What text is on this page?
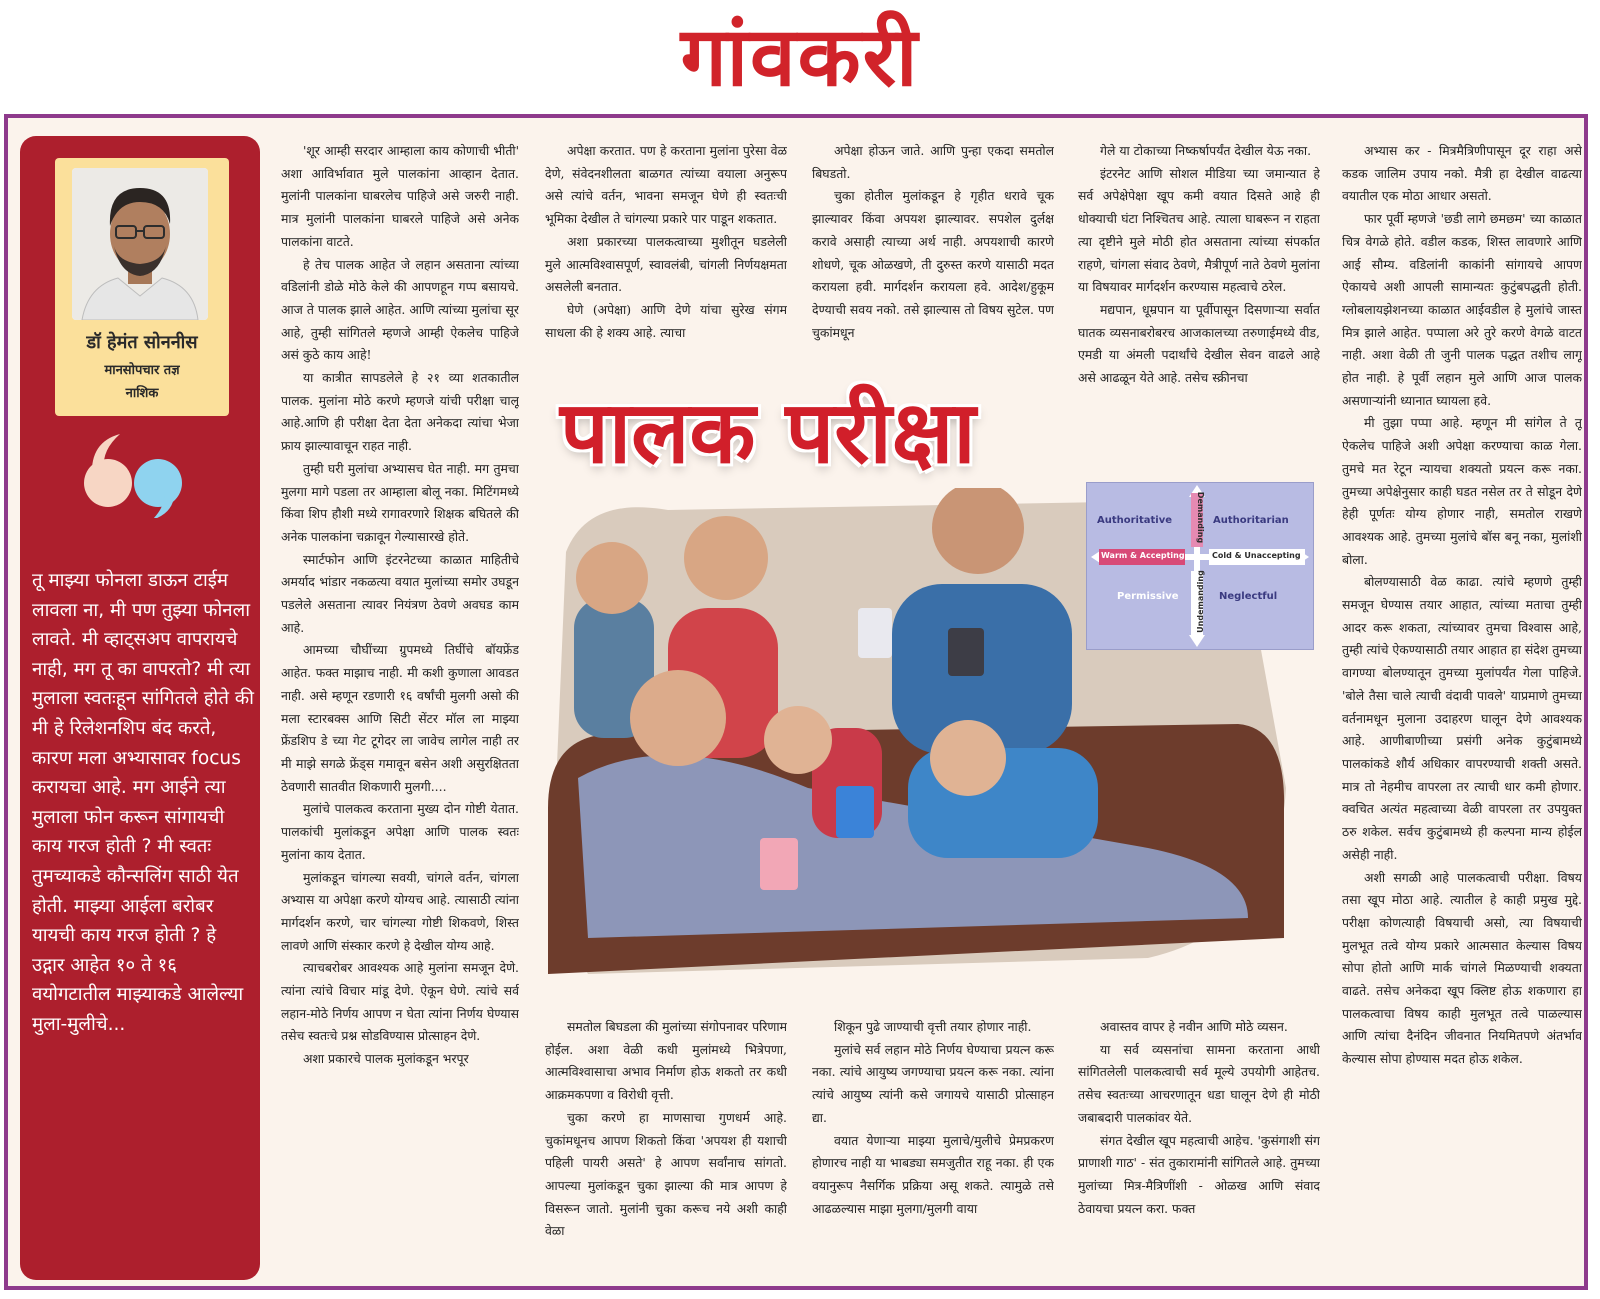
गांवकरी
डॉ हेमंत सोननीस
मानसोपचार तज्ञ
नाशिक
तू माझ्या फोनला डाऊन टाईम लावला ना, मी पण तुझ्या फोनला लावते. मी व्हाट्सअप वापरायचे नाही, मग तू का वापरतो? मी त्या मुलाला स्वतःहून सांगितले होते की मी हे रिलेशनशिप बंद करते, कारण मला अभ्यासावर focus करायचा आहे. मग आईने त्या मुलाला फोन करून सांगायची काय गरज होती ? मी स्वतः तुमच्याकडे कौन्सलिंग साठी येत होती. माझ्या आईला बरोबर यायची काय गरज होती ? हे उद्गार आहेत १० ते १६ वयोगटातील माझ्याकडे आलेल्या मुला-मुलीचे...

'शूर आम्ही सरदार आम्हाला काय कोणाची भीती' अशा आविर्भावात मुले पालकांना आव्हान देतात. मुलांनी पालकांना घाबरलेच पाहिजे असे जरुरी नाही. मात्र मुलांनी पालकांना घाबरले पाहिजे असे अनेक पालकांना वाटते.

हे तेच पालक आहेत जे लहान असताना त्यांच्या वडिलांनी डोळे मोठे केले की आपणहून गप्प बसायचे. आज ते पालक झाले आहेत. आणि त्यांच्या मुलांचा सूर आहे, तुम्ही सांगितले म्हणजे आम्ही ऐकलेच पाहिजे असं कुठे काय आहे!

या कात्रीत सापडलेले हे २१ व्या शतकातील पालक. मुलांना मोठे करणे म्हणजे यांची परीक्षा चालू आहे.आणि ही परीक्षा देता देता अनेकदा त्यांचा भेजा फ्राय झाल्यावाचून राहत नाही.

तुम्ही घरी मुलांचा अभ्यासच घेत नाही. मग तुमचा मुलगा मागे पडला तर आम्हाला बोलू नका. मिटिंगमध्ये किंवा शिप हौशी मध्ये रागावरणारे शिक्षक बघितले की अनेक पालकांना चक्रावून गेल्यासारखे होते.

स्मार्टफोन आणि इंटरनेटच्या काळात माहितीचे अमर्याद भांडार नकळत्या वयात मुलांच्या समोर उघडून पडलेले असताना त्यावर नियंत्रण ठेवणे अवघड काम आहे.

आमच्या चौघींच्या ग्रुपमध्ये तिघींचे बॉयफ्रेंड आहेत. फक्त माझाच नाही. मी कशी कुणाला आवडत नाही. असे म्हणून रडणारी १६ वर्षांची मुलगी असो की मला स्टारबक्स आणि सिटी सेंटर मॉल ला माझ्या फ्रेंडशिप डे च्या गेट टूगेदर ला जावेच लागेल नाही तर मी माझे सगळे फ्रेंड्स गमावून बसेन अशी असुरक्षितता ठेवणारी सातवीत शिकणारी मुलगी....

मुलांचे पालकत्व करताना मुख्य दोन गोष्टी येतात. पालकांची मुलांकडून अपेक्षा आणि पालक स्वतः मुलांना काय देतात.

मुलांकडून चांगल्या सवयी, चांगले वर्तन, चांगला अभ्यास या अपेक्षा करणे योग्यच आहे. त्यासाठी त्यांना मार्गदर्शन करणे, चार चांगल्या गोष्टी शिकवणे, शिस्त लावणे आणि संस्कार करणे हे देखील योग्य आहे.

त्याचबरोबर आवश्यक आहे मुलांना समजून देणे. त्यांना त्यांचे विचार मांडू देणे. ऐकून घेणे. त्यांचे सर्व लहान-मोठे निर्णय आपण न घेता त्यांना निर्णय घेण्यास तसेच स्वतःचे प्रश्न सोडविण्यास प्रोत्साहन देणे.

अशा प्रकारचे पालक मुलांकडून भरपूर

अपेक्षा करतात. पण हे करताना मुलांना पुरेसा वेळ देणे, संवेदनशीलता बाळगत त्यांच्या वयाला अनुरूप असे त्यांचे वर्तन, भावना समजून घेणे ही स्वतःची भूमिका देखील ते चांगल्या प्रकारे पार पाडून शकतात.

अशा प्रकारच्या पालकत्वाच्या मुशीतून घडलेली मुले आत्मविश्वासपूर्ण, स्वावलंबी, चांगली निर्णयक्षमता असलेली बनतात.

घेणे (अपेक्षा) आणि देणे यांचा सुरेख संगम साधला की हे शक्य आहे. त्याचा

अपेक्षा होऊन जाते. आणि पुन्हा एकदा समतोल बिघडतो.

चुका होतील मुलांकडून हे गृहीत धरावे चूक झाल्यावर किंवा अपयश झाल्यावर. सपशेल दुर्लक्ष करावे असाही त्याच्या अर्थ नाही. अपयशाची कारणे शोधणे, चूक ओळखणे, ती दुरुस्त करणे यासाठी मदत करायला हवी. मार्गदर्शन करायला हवे. आदेश/हुकूम देण्याची सवय नको. तसे झाल्यास तो विषय सुटेल. पण चुकांमधून

गेले या टोकाच्या निष्कर्षापर्यंत देखील येऊ नका.

इंटरनेट आणि सोशल मीडिया च्या जमान्यात हे सर्व अपेक्षेपेक्षा खूप कमी वयात दिसते आहे ही धोक्याची घंटा निश्चितच आहे. त्याला घाबरून न राहता त्या दृष्टीने मुले मोठी होत असताना त्यांच्या संपर्कात राहणे, चांगला संवाद ठेवणे, मैत्रीपूर्ण नाते ठेवणे मुलांना या विषयावर मार्गदर्शन करण्यास महत्वाचे ठरेल.

मद्यपान, धूम्रपान या पूर्वीपासून दिसणाऱ्या सर्वात घातक व्यसनाबरोबरच आजकालच्या तरुणाईमध्ये वीड, एमडी या अंमली पदार्थांचे देखील सेवन वाढले आहे असे आढळून येते आहे. तसेच स्क्रीनचा

अभ्यास कर - मित्रमैत्रिणीपासून दूर राहा असे कडक जालिम उपाय नको. मैत्री हा देखील वाढत्या वयातील एक मोठा आधार असतो.

फार पूर्वी म्हणजे 'छडी लागे छमछम' च्या काळात चित्र वेगळे होते. वडील कडक, शिस्त लावणारे आणि आई सौम्य. वडिलांनी काकांनी सांगायचे आपण ऐकायचे अशी आपली सामान्यतः कुटुंबपद्धती होती. ग्लोबलायझेशनच्या काळात आईवडील हे मुलांचे जास्त मित्र झाले आहेत. पप्पाला अरे तुरे करणे वेगळे वाटत नाही. अशा वेळी ती जुनी पालक पद्धत तशीच लागू होत नाही. हे पूर्वी लहान मुले आणि आज पालक असणाऱ्यांनी ध्यानात घ्यायला हवे.

मी तुझा पप्पा आहे. म्हणून मी सांगेल ते तू ऐकलेच पाहिजे अशी अपेक्षा करण्याचा काळ गेला. तुमचे मत रेटून न्यायचा शक्यतो प्रयत्न करू नका. तुमच्या अपेक्षेनुसार काही घडत नसेल तर ते सोडून देणे हेही पूर्णतः योग्य होणार नाही, समतोल राखणे आवश्यक आहे. तुमच्या मुलांचे बॉस बनू नका, मुलांशी बोला.

बोलण्यासाठी वेळ काढा. त्यांचे म्हणणे तुम्ही समजून घेण्यास तयार आहात, त्यांच्या मताचा तुम्ही आदर करू शकता, त्यांच्यावर तुमचा विश्वास आहे, तुम्ही त्यांचे ऐकण्यासाठी तयार आहात हा संदेश तुमच्या वागण्या बोलण्यातून तुमच्या मुलांपर्यंत गेला पाहिजे. 'बोले तैसा चाले त्याची वंदावी पावले' याप्रमाणे तुमच्या वर्तनामधून मुलाना उदाहरण घालून देणे आवश्यक आहे. आणीबाणीच्या प्रसंगी अनेक कुटुंबामध्ये पालकांकडे शौर्य अधिकार वापरण्याची शक्ती असते. मात्र तो नेहमीच वापरला तर त्याची धार कमी होणार. क्वचित अत्यंत महत्वाच्या वेळी वापरला तर उपयुक्त ठरु शकेल. सर्वच कुटुंबामध्ये ही कल्पना मान्य होईल असेही नाही.

अशी सगळी आहे पालकत्वाची परीक्षा. विषय तसा खूप मोठा आहे. त्यातील हे काही प्रमुख मुद्दे. परीक्षा कोणत्याही विषयाची असो, त्या विषयाची मुलभूत तत्वे योग्य प्रकारे आत्मसात केल्यास विषय सोपा होतो आणि मार्क चांगले मिळण्याची शक्यता वाढते. तसेच अनेकदा खूप क्लिष्ट होऊ शकणारा हा पालकत्वाचा विषय काही मुलभूत तत्वे पाळल्यास आणि त्यांचा दैनंदिन जीवनात नियमितपणे अंतर्भाव केल्यास सोपा होण्यास मदत होऊ शकेल.

पालक परीक्षा
Authoritative	Authoritarian
Permissive	Neglectful
Warm & Accepting	Cold & Unaccepting
Demanding
Undemanding

समतोल बिघडला की मुलांच्या संगोपनावर परिणाम होईल. अशा वेळी कधी मुलांमध्ये भित्रेपणा, आत्मविश्वासाचा अभाव निर्माण होऊ शकतो तर कधी आक्रमकपणा व विरोधी वृत्ती.

चुका करणे हा माणसाचा गुणधर्म आहे. चुकांमधूनच आपण शिकतो किंवा 'अपयश ही यशाची पहिली पायरी असते' हे आपण सर्वांनाच सांगतो. आपल्या मुलांकडून चुका झाल्या की मात्र आपण हे विसरून जातो. मुलांनी चुका करूच नये अशी काही वेळा

शिकून पुढे जाण्याची वृत्ती तयार होणार नाही.

मुलांचे सर्व लहान मोठे निर्णय घेण्याचा प्रयत्न करू नका. त्यांचे आयुष्य जगण्याचा प्रयत्न करू नका. त्यांना त्यांचे आयुष्य त्यांनी कसे जगायचे यासाठी प्रोत्साहन द्या.

वयात येणाऱ्या माझ्या मुलाचे/मुलीचे प्रेमप्रकरण होणारच नाही या भाबड्या समजुतीत राहू नका. ही एक वयानुरूप नैसर्गिक प्रक्रिया असू शकते. त्यामुळे तसे आढळल्यास माझा मुलगा/मुलगी वाया

अवास्तव वापर हे नवीन आणि मोठे व्यसन.

या सर्व व्यसनांचा सामना करताना आधी सांगितलेली पालकत्वाची सर्व मूल्ये उपयोगी आहेतच. तसेच स्वतःच्या आचरणातून धडा घालून देणे ही मोठी जबाबदारी पालकांवर येते.

संगत देखील खूप महत्वाची आहेच. 'कुसंगाशी संग प्राणाशी गाठ' - संत तुकारामांनी सांगितले आहे. तुमच्या मुलांच्या मित्र-मैत्रिणींशी - ओळख आणि संवाद ठेवायचा प्रयत्न करा. फक्त
